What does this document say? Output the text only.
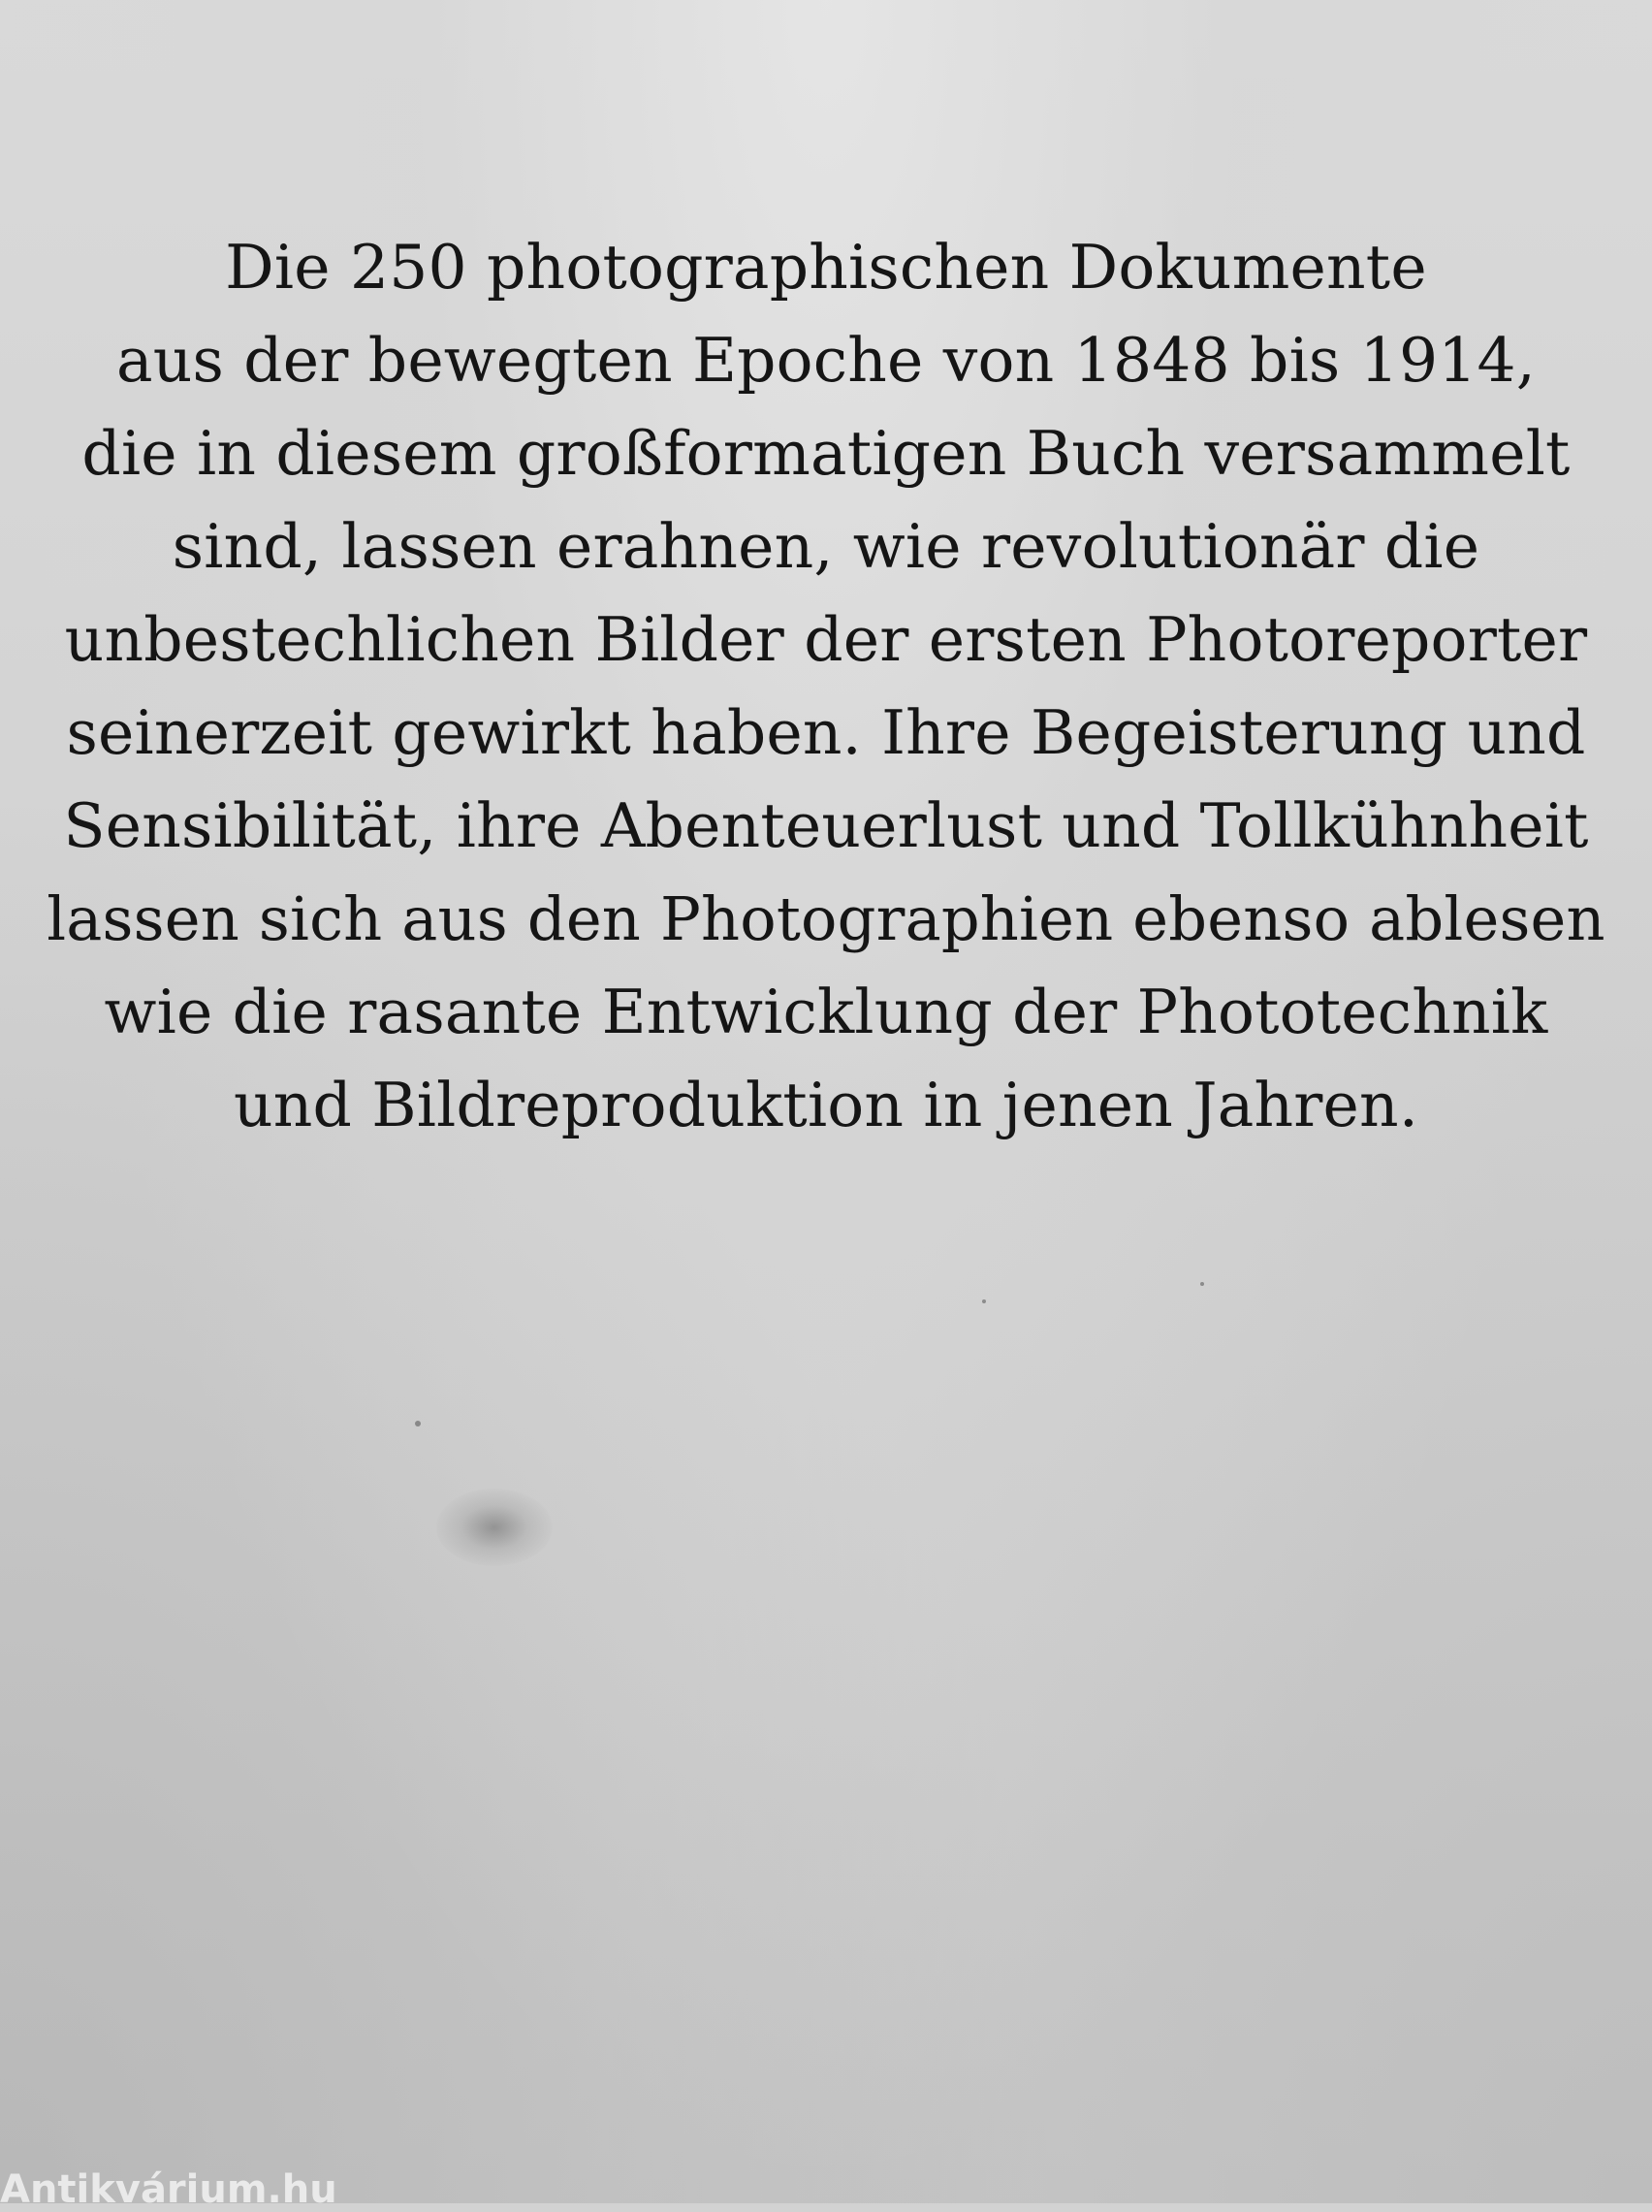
Die 250 photographischen Dokumente
aus der bewegten Epoche von 1848 bis 1914,
die in diesem großformatigen Buch versammelt
sind, lassen erahnen, wie revolutionär die
unbestechlichen Bilder der ersten Photoreporter
seinerzeit gewirkt haben. Ihre Begeisterung und
Sensibilität, ihre Abenteuerlust und Tollkühnheit
lassen sich aus den Photographien ebenso ablesen
wie die rasante Entwicklung der Phototechnik
und Bildreproduktion in jenen Jahren.
Antikvárium.hu
